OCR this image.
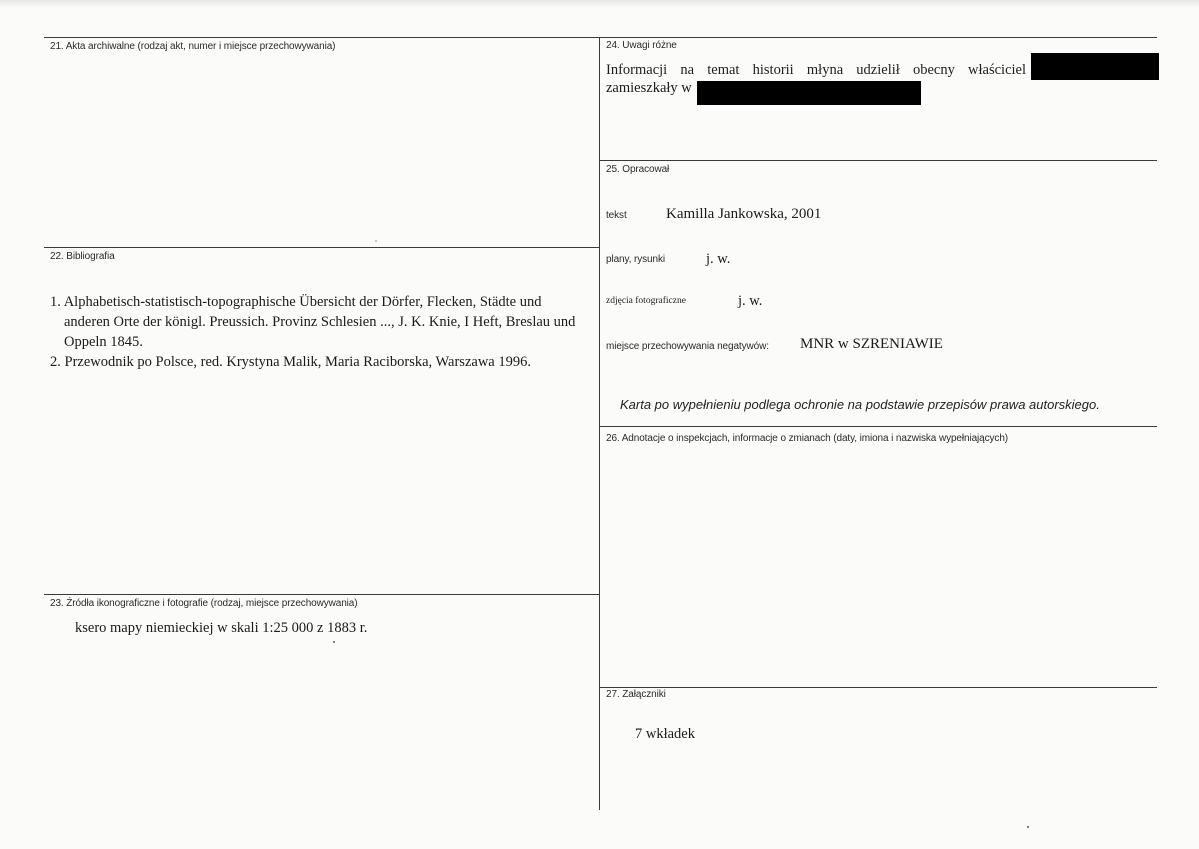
21. Akta archiwalne (rodzaj akt, numer i miejsce przechowywania)
22. Bibliografia
1. Alphabetisch-statistisch-topographische Übersicht der Dörfer, Flecken, Städte und anderen Orte der königl. Preussich. Provinz Schlesien ..., J. K. Knie, I Heft, Breslau und Oppeln 1845.
2. Przewodnik po Polsce, red. Krystyna Malik, Maria Raciborska, Warszawa 1996.
23. Źródła ikonograficzne i fotografie (rodzaj, miejsce przechowywania)
ksero mapy niemieckiej w skali 1:25 000 z 1883 r.
24. Uwagi różne
Informacji na temat historii młyna udzielił obecny właściciel
zamieszkały w
25. Opracował
tekst	Kamilla Jankowska, 2001
plany, rysunki	j. w.
zdjęcia fotograficzne	j. w.
miejsce przechowywania negatywów: MNR w SZRENIAWIE
Karta po wypełnieniu podlega ochronie na podstawie przepisów prawa autorskiego.
26. Adnotacje o inspekcjach, informacje o zmianach (daty, imiona i nazwiska wypełniających)
27. Załączniki
7 wkładek
